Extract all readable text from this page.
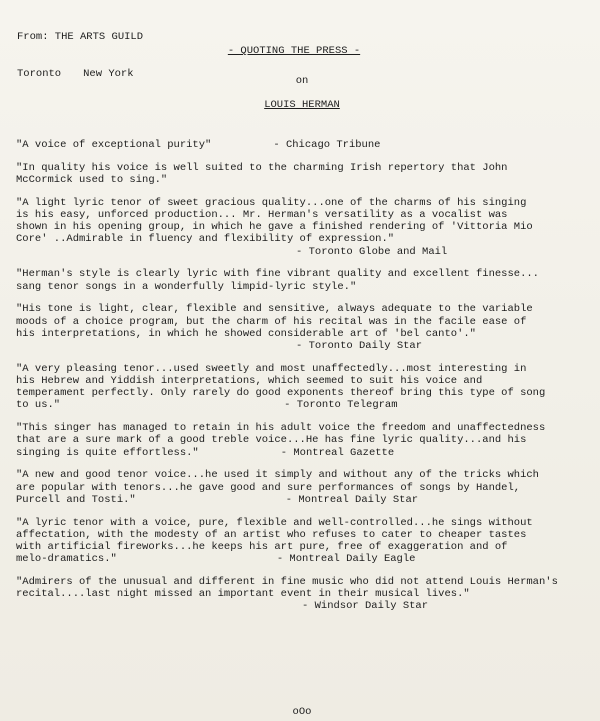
From: THE ARTS GUILD

Toronto New York

- QUOTING THE PRESS -
on
LOUIS HERMAN
"A voice of exceptional purity"	- Chicago Tribune
"In quality his voice is well suited to the charming Irish repertory that John
McCormick used to sing."
"A light lyric tenor of sweet gracious quality...one of the charms of his singing
is his easy, unforced production... Mr. Herman's versatility as a vocalist was
shown in his opening group, in which he gave a finished rendering of 'Vittoria Mio
Core' ..Admirable in fluency and flexibility of expression."
- Toronto Globe and Mail
"Herman's style is clearly lyric with fine vibrant quality and excellent finesse...
sang tenor songs in a wonderfully limpid-lyric style."
"His tone is light, clear, flexible and sensitive, always adequate to the variable
moods of a choice program, but the charm of his recital was in the facile ease of
his interpretations, in which he showed considerable art of 'bel canto'."
- Toronto Daily Star
"A very pleasing tenor...used sweetly and most unaffectedly...most interesting in
his Hebrew and Yiddish interpretations, which seemed to suit his voice and
temperament perfectly. Only rarely do good exponents thereof bring this type of song
to us."	- Toronto Telegram
"This singer has managed to retain in his adult voice the freedom and unaffectedness
that are a sure mark of a good treble voice...He has fine lyric quality...and his
singing is quite effortless."	- Montreal Gazette
"A new and good tenor voice...he used it simply and without any of the tricks which
are popular with tenors...he gave good and sure performances of songs by Handel,
Purcell and Tosti."	- Montreal Daily Star
"A lyric tenor with a voice, pure, flexible and well-controlled...he sings without
affectation, with the modesty of an artist who refuses to cater to cheaper tastes
with artificial fireworks...he keeps his art pure, free of exaggeration and of
melo-dramatics."	- Montreal Daily Eagle
"Admirers of the unusual and different in fine music who did not attend Louis Herman's
recital....last night missed an important event in their musical lives."
- Windsor Daily Star
oOo
